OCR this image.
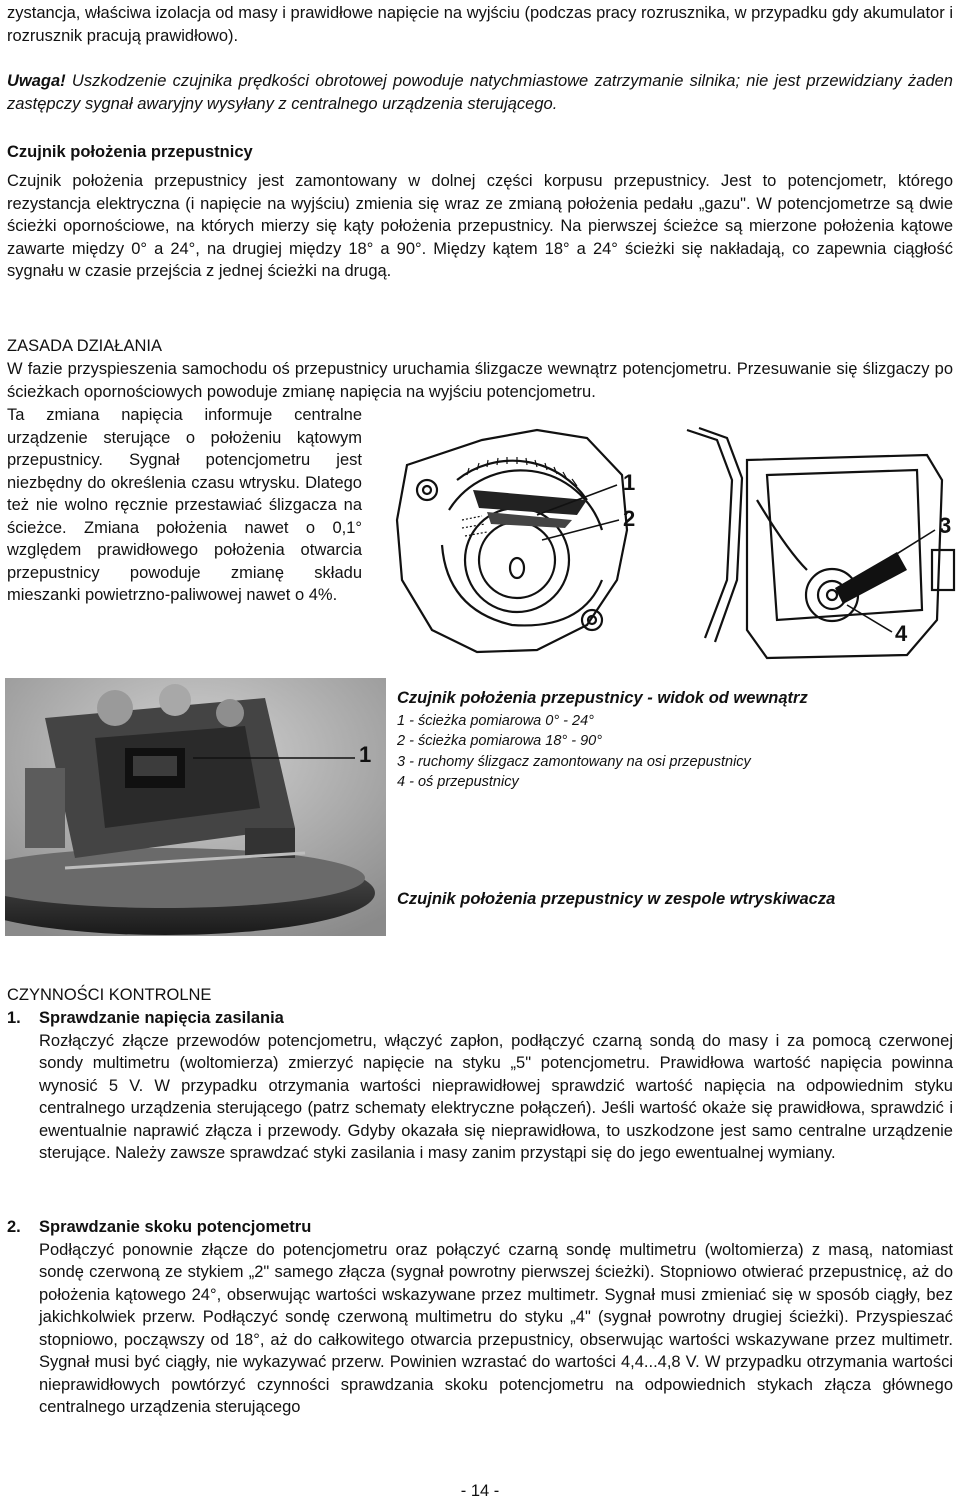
zystancja, właściwa izolacja od masy i prawidłowe napięcie na wyjściu (podczas pracy rozrusznika, w przypadku gdy akumulator i rozrusznik pracują prawidłowo).

Uwaga! Uszkodzenie czujnika prędkości obrotowej powoduje natychmiastowe zatrzymanie silnika; nie jest przewidziany żaden zastępczy sygnał awaryjny wysyłany z centralnego urządzenia sterującego.

Czujnik położenia przepustnicy

Czujnik położenia przepustnicy jest zamontowany w dolnej części korpusu przepustnicy. Jest to potencjometr, którego rezystancja elektryczna (i napięcie na wyjściu) zmienia się wraz ze zmianą położenia pedału „gazu". W potencjometrze są dwie ścieżki oporności​owe, na których mierzy się kąty położenia przepustnicy. Na pierwszej ścieżce są mierzone położenia kątowe zawarte między 0° a 24°, na drugiej między 18° a 90°. Między kątem 18° a 24° ścieżki się nakładają, co zapewnia ciągłość sygnału w czasie przejścia z jednej ścieżki na drugą.

ZASADA DZIAŁANIA

W fazie przyspieszenia samochodu oś przepustnicy uruchamia ślizgacze wewnątrz potencjometru. Przesuwanie się ślizgaczy po ścieżkach oporności​owych powoduje zmianę napięcia na wyjściu potencjometru.

Ta zmiana napięcia informuje centralne urządzenie sterujące o położeniu kątowym przepustnicy. Sygnał potencjometru jest niezbędny do określenia czasu wtrysku. Dlatego też nie wolno ręcznie przestawiać ślizgacza na ścieżce. Zmiana położenia nawet o 0,1° względem prawidłowego położenia otwarcia przepustnicy powoduje zmianę składu mieszanki powietrzno-paliwowej nawet o 4%.

1
2	3
4
1
Czujnik położenia przepustnicy - widok od wewnątrz
1 - ścieżka pomiarowa 0° - 24°
2 - ścieżka pomiarowa 18° - 90°
3 - ruchomy ślizgacz zamontowany na osi przepustnicy
4 - oś przepustnicy
Czujnik położenia przepustnicy w zespole wtryskiwacza

CZYNNOŚCI KONTROLNE

1. Sprawdzanie napięcia zasilania

Rozłączyć złącze przewodów potencjometru, włączyć zapłon, podłączyć czarną sondą do masy i za pomocą czerwonej sondy multimetru (woltomierza) zmierzyć napięcie na styku „5" potencjometru. Prawidłowa wartość napięcia powinna wynosić 5 V. W przypadku otrzymania wartości nieprawidłowej sprawdzić wartość napięcia na odpowiednim styku centralnego urządzenia sterującego (patrz schematy elektryczne połączeń). Jeśli wartość okaże się prawidłowa, sprawdzić i ewentualnie naprawić złącza i przewody. Gdyby okazała się nieprawidłowa, to uszkodzone jest samo centralne urządzenie sterujące. Należy zawsze sprawdzać styki zasilania i masy zanim przystąpi się do jego ewentualnej wymiany.

2. Sprawdzanie skoku potencjometru

Podłączyć ponownie złącze do potencjometru oraz połączyć czarną sondę multimetru (woltomierza) z masą, natomiast sondę czerwoną ze stykiem „2" samego złącza (sygnał powrotny pierwszej ścieżki). Stopniowo otwierać przepustnicę, aż do położenia kątowego 24°, obserwując wartości wskazywane przez multimetr. Sygnał musi zmieniać się w sposób ciągły, bez jakichkolwiek przerw. Podłączyć sondę czerwoną multimetru do styku „4" (sygnał powrotny drugiej ścieżki). Przyspieszać stopniowo, począwszy od 18°, aż do całkowitego otwarcia przepustnicy, obserwując wartości wskazywane przez multimetr. Sygnał musi być ciągły, nie wykazywać przerw. Powinien wzrastać do wartości 4,4...4,8 V. W przypadku otrzymania wartości nieprawidłowych powtórzyć czynności sprawdzania skoku potencjometru na odpowiednich stykach złącza głównego centralnego urządzenia sterującego

- 14 -
